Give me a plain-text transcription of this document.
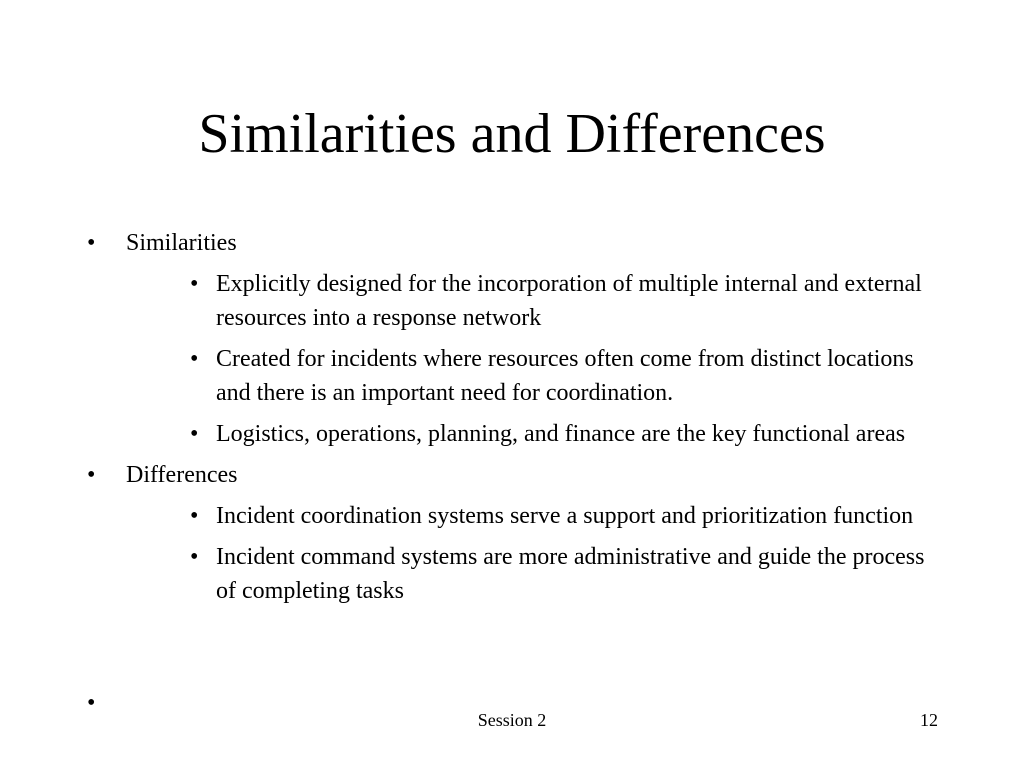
Similarities and Differences
• Similarities
• Explicitly designed for the incorporation of multiple internal and external resources into a response network
• Created for incidents where resources often come from distinct locations and there is an important need for coordination.
• Logistics, operations, planning, and finance are the key functional areas
• Differences
• Incident coordination systems serve a support and prioritization function
• Incident command systems are more administrative and guide the process of completing tasks
•
Session 2	12
